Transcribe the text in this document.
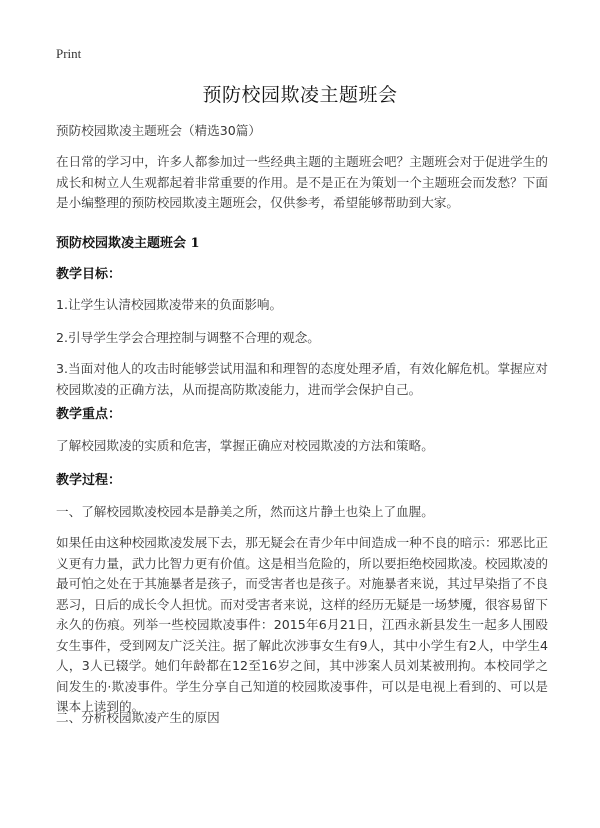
Print
预防校园欺凌主题班会
预防校园欺凌主题班会（精选30篇）
在日常的学习中，许多人都参加过一些经典主题的主题班会吧？主题班会对于促进学生的成长和树立人生观都起着非常重要的作用。是不是正在为策划一个主题班会而发愁？下面是小编整理的预防校园欺凌主题班会，仅供参考，希望能够帮助到大家。
预防校园欺凌主题班会 1
教学目标：
1.让学生认清校园欺凌带来的负面影响。
2.引导学生学会合理控制与调整不合理的观念。
3.当面对他人的攻击时能够尝试用温和和理智的态度处理矛盾，有效化解危机。掌握应对校园欺凌的正确方法，从而提高防欺凌能力，进而学会保护自己。
教学重点：
了解校园欺凌的实质和危害，掌握正确应对校园欺凌的方法和策略。
教学过程：
一、了解校园欺凌校园本是静美之所，然而这片静土也染上了血腥。
如果任由这种校园欺凌发展下去，那无疑会在青少年中间造成一种不良的暗示：邪恶比正义更有力量，武力比智力更有价值。这是相当危险的，所以要拒绝校园欺凌。校园欺凌的最可怕之处在于其施暴者是孩子，而受害者也是孩子。对施暴者来说，其过早染指了不良恶习，日后的成长令人担忧。而对受害者来说，这样的经历无疑是一场梦魇，很容易留下永久的伤痕。列举一些校园欺凌事件：2015年6月21日，江西永新县发生一起多人围殴女生事件，受到网友广泛关注。据了解此次涉事女生有9人，其中小学生有2人，中学生4人，3人已辍学。她们年龄都在12至16岁之间，其中涉案人员刘某被刑拘。本校同学之间发生的·欺凌事件。学生分享自己知道的校园欺凌事件，可以是电视上看到的、可以是课本上读到的。
二、分析校园欺凌产生的原因
